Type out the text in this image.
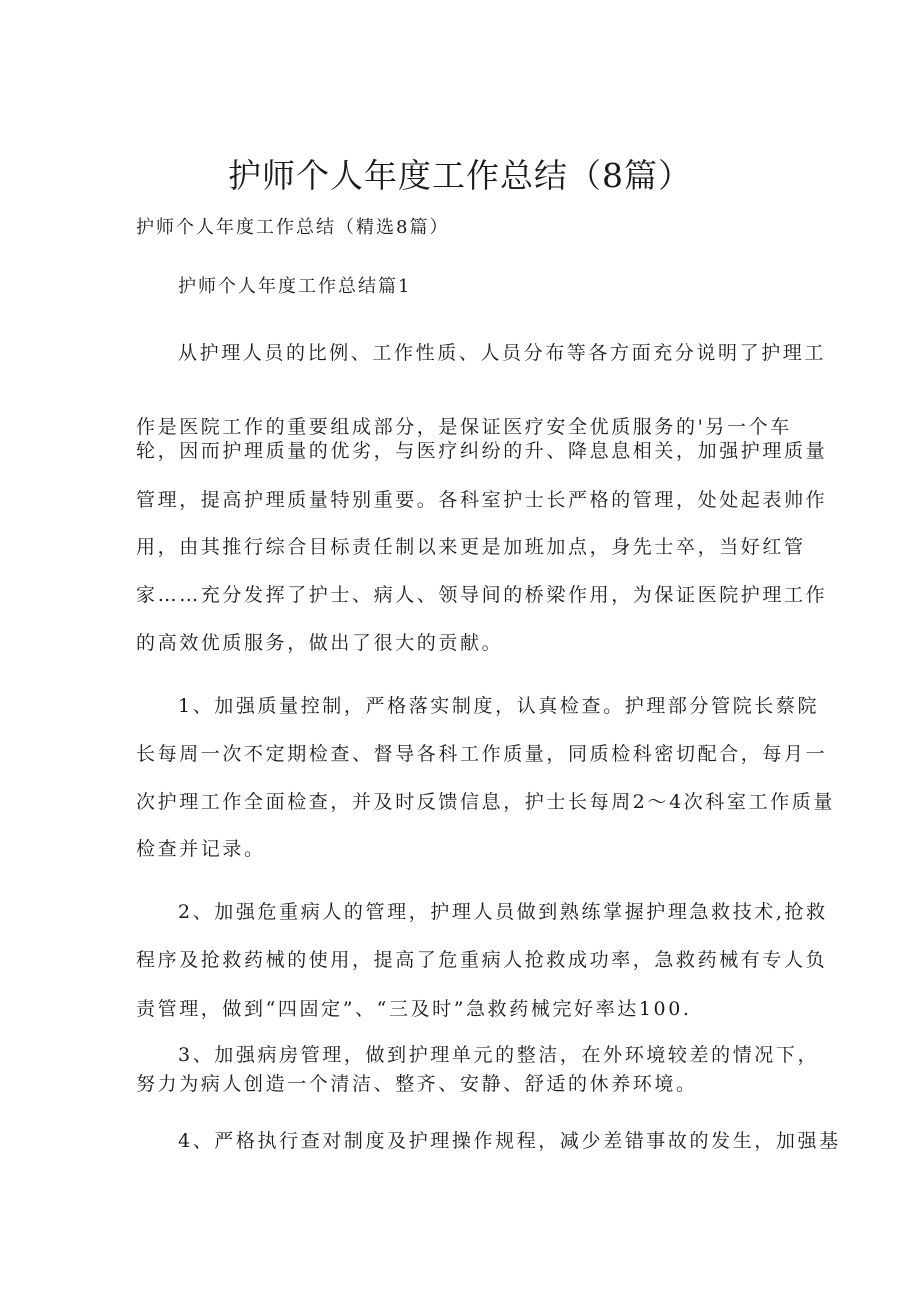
护师个人年度工作总结（8篇）
护师个人年度工作总结（精选8篇）
护师个人年度工作总结篇1
从护理人员的比例、工作性质、人员分布等各方面充分说明了护理工
作是医院工作的重要组成部分，是保证医疗安全优质服务的'另一个车
轮，因而护理质量的优劣，与医疗纠纷的升、降息息相关，加强护理质量
管理，提高护理质量特别重要。各科室护士长严格的管理，处处起表帅作
用，由其推行综合目标责任制以来更是加班加点，身先士卒，当好红管
家……充分发挥了护士、病人、领导间的桥梁作用，为保证医院护理工作
的高效优质服务，做出了很大的贡献。
1、加强质量控制，严格落实制度，认真检查。护理部分管院长蔡院
长每周一次不定期检查、督导各科工作质量，同质检科密切配合，每月一
次护理工作全面检查，并及时反馈信息，护士长每周2～4次科室工作质量
检查并记录。
2、加强危重病人的管理，护理人员做到熟练掌握护理急救技术,抢救
程序及抢救药械的使用，提高了危重病人抢救成功率，急救药械有专人负
责管理，做到“四固定”、“三及时”急救药械完好率达100.
3、加强病房管理，做到护理单元的整洁，在外环境较差的情况下，
努力为病人创造一个清洁、整齐、安静、舒适的休养环境。
4、严格执行查对制度及护理操作规程，减少差错事故的发生，加强基
